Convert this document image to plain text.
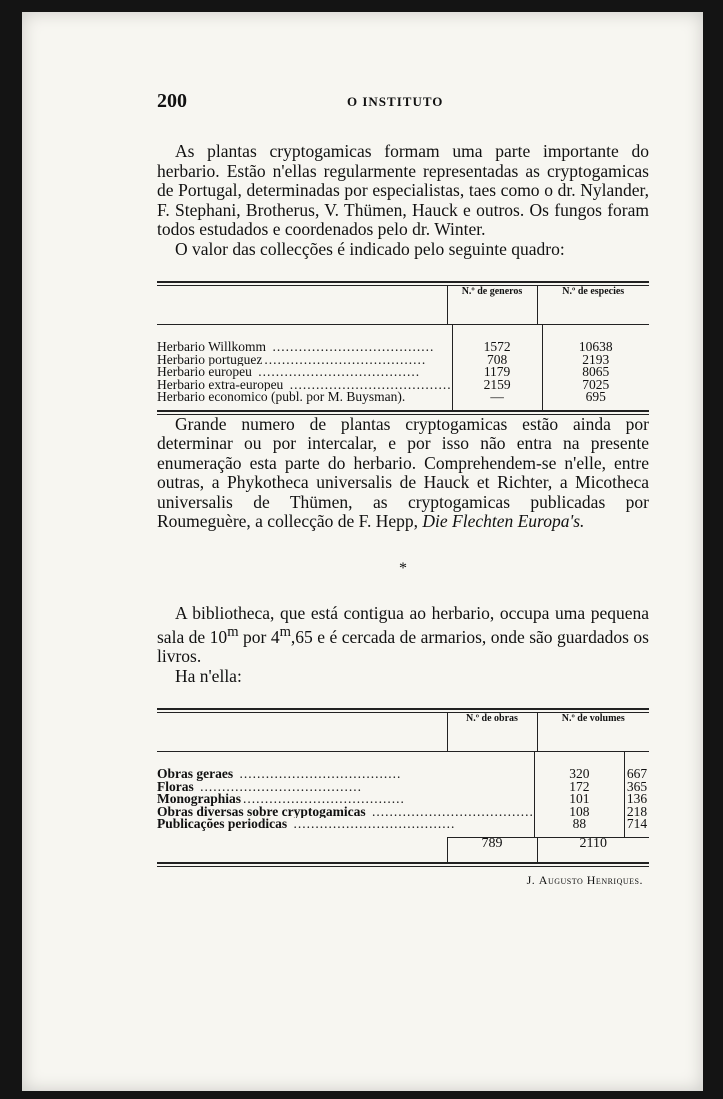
200	O INSTITUTO

As plantas cryptogamicas formam uma parte importante do herbario. Estão n'ellas regularmente representadas as cryptogamicas de Portugal, determinadas por especialistas, taes como o dr. Nylander, F. Stephani, Brotherus, V. Thümen, Hauck e outros. Os fungos foram todos estudados e coordenados pelo dr. Winter.

O valor das collecções é indicado pelo seguinte quadro:

	N.º de generos	N.º de especies

Herbario Willkomm .....................................	1572	10638
Herbario portuguez .....................................	708	2193
Herbario europeu .....................................	1179	8065
Herbario extra-europeu .....................................	2159	7025
Herbario economico (publ. por M. Buysman).	—	695

Grande numero de plantas cryptogamicas estão ainda por determinar ou por intercalar, e por isso não entra na presente enumeração esta parte do herbario. Comprehendem-se n'elle, entre outras, a Phykotheca universalis de Hauck et Richter, a Micotheca universalis de Thümen, as cryptogamicas publicadas por Roumeguère, a collecção de F. Hepp, Die Flechten Europa's.

*

A bibliotheca, que está contigua ao herbario, occupa uma pequena sala de 10$^m$ por 4$^m$,65 e é cercada de armarios, onde são guardados os livros.

Ha n'ella:

	N.º de obras	N.º de volumes

Obras geraes .....................................	320	667
Floras .....................................	172	365
Monographias .....................................	101	136
Obras diversas sobre cryptogamicas .....................................	108	218
Publicações periodicas .....................................	88	714

	789	2110
J. Augusto Henriques.
